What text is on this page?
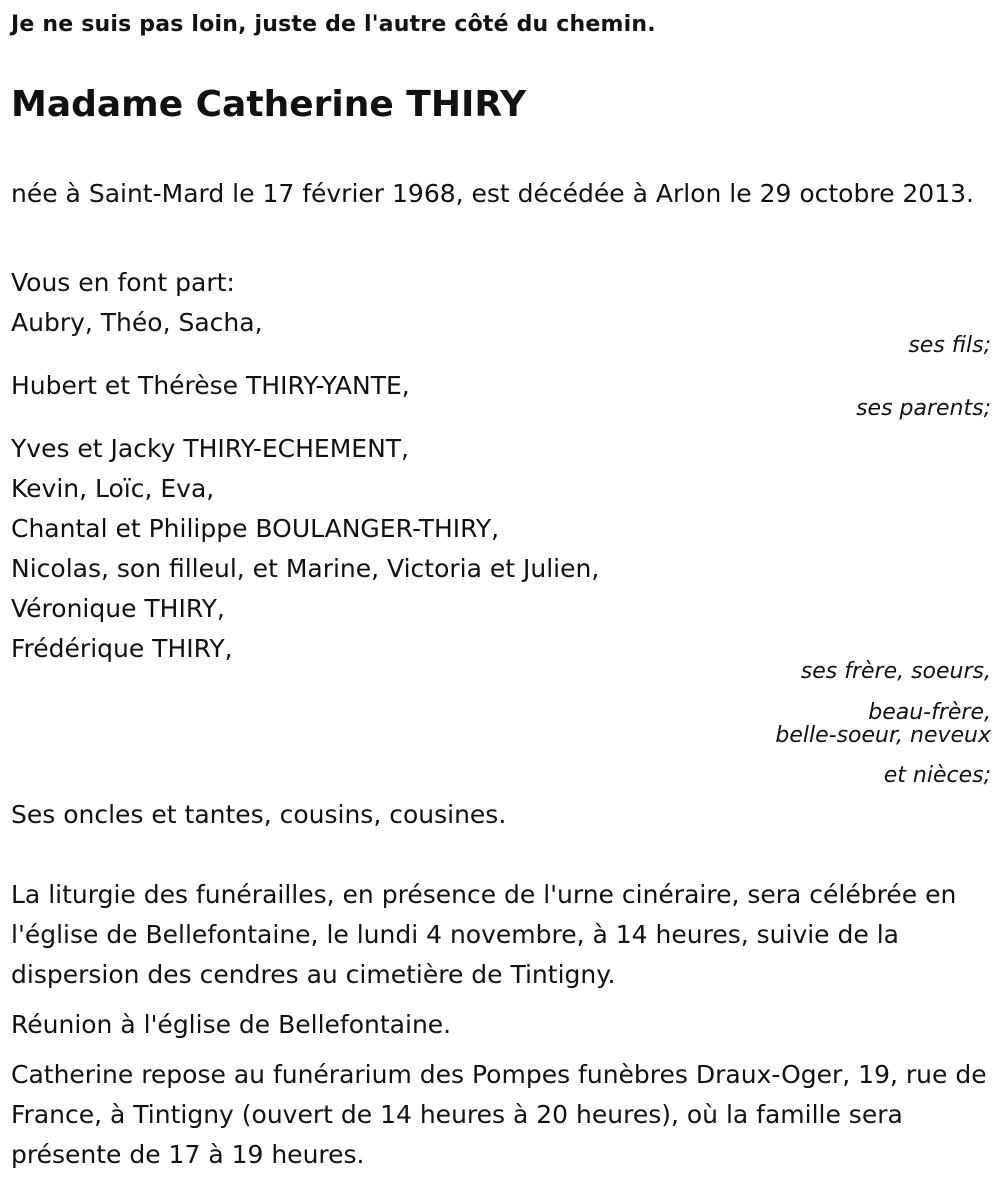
Je ne suis pas loin, juste de l'autre côté du chemin.
Madame Catherine THIRY
née à Saint-Mard le 17 février 1968, est décédée à Arlon le 29 octobre 2013.
Vous en font part:
Aubry, Théo, Sacha,
ses fils;
Hubert et Thérèse THIRY-YANTE,
ses parents;
Yves et Jacky THIRY-ECHEMENT,
Kevin, Loïc, Eva,
Chantal et Philippe BOULANGER-THIRY,
Nicolas, son filleul, et Marine, Victoria et Julien,
Véronique THIRY,
Frédérique THIRY,
ses frère, soeurs,
beau-frère,
belle-soeur, neveux
et nièces;
Ses oncles et tantes, cousins, cousines.
La liturgie des funérailles, en présence de l'urne cinéraire, sera célébrée en l'église de Bellefontaine, le lundi 4 novembre, à 14 heures, suivie de la dispersion des cendres au cimetière de Tintigny.
Réunion à l'église de Bellefontaine.
Catherine repose au funérarium des Pompes funèbres Draux-Oger, 19, rue de France, à Tintigny (ouvert de 14 heures à 20 heures), où la famille sera présente de 17 à 19 heures.
